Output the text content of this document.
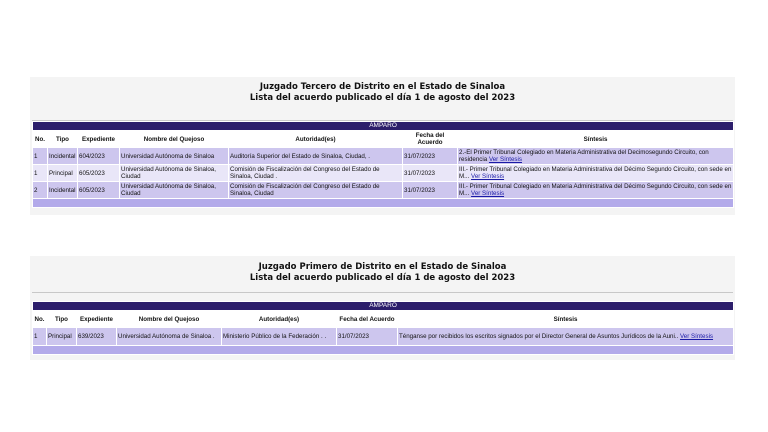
Juzgado Tercero de Distrito en el Estado de Sinaloa
Lista del acuerdo publicado el día 1 de agosto del 2023
AMPARO						
No.	Tipo	Expediente	Nombre del Quejoso	Autoridad(es)	Fecha del Acuerdo	Síntesis
1	Incidental	604/2023	Universidad Autónoma de Sinaloa	Auditoría Superior del Estado de Sinaloa, Ciudad, .	31/07/2023	2.-El Primer Tribunal Colegiado en Materia Administrativa del Decimosegundo Circuito, con residencia Ver Síntesis
1	Principal	605/2023	Universidad Autónoma de Sinaloa, Ciudad	Comisión de Fiscalización del Congreso del Estado de Sinaloa, Ciudad .	31/07/2023	III.- Primer Tribunal Colegiado en Materia Administrativa del Décimo Segundo Circuito, con sede en M... Ver Síntesis
2	Incidental	605/2023	Universidad Autónoma de Sinaloa, Ciudad	Comisión de Fiscalización del Congreso del Estado de Sinaloa, Ciudad	31/07/2023	III.- Primer Tribunal Colegiado en Materia Administrativa del Décimo Segundo Circuito, con sede en M... Ver Síntesis

Juzgado Primero de Distrito en el Estado de Sinaloa
Lista del acuerdo publicado el día 1 de agosto del 2023
AMPARO						
No.	Tipo	Expediente	Nombre del Quejoso	Autoridad(es)	Fecha del Acuerdo	Síntesis
1	Principal	639/2023	Universidad Autónoma de Sinaloa .	Ministerio Público de la Federación . .	31/07/2023	Ténganse por recibidos los escritos signados por el Director General de Asuntos Jurídicos de la Auni.. Ver Síntesis
